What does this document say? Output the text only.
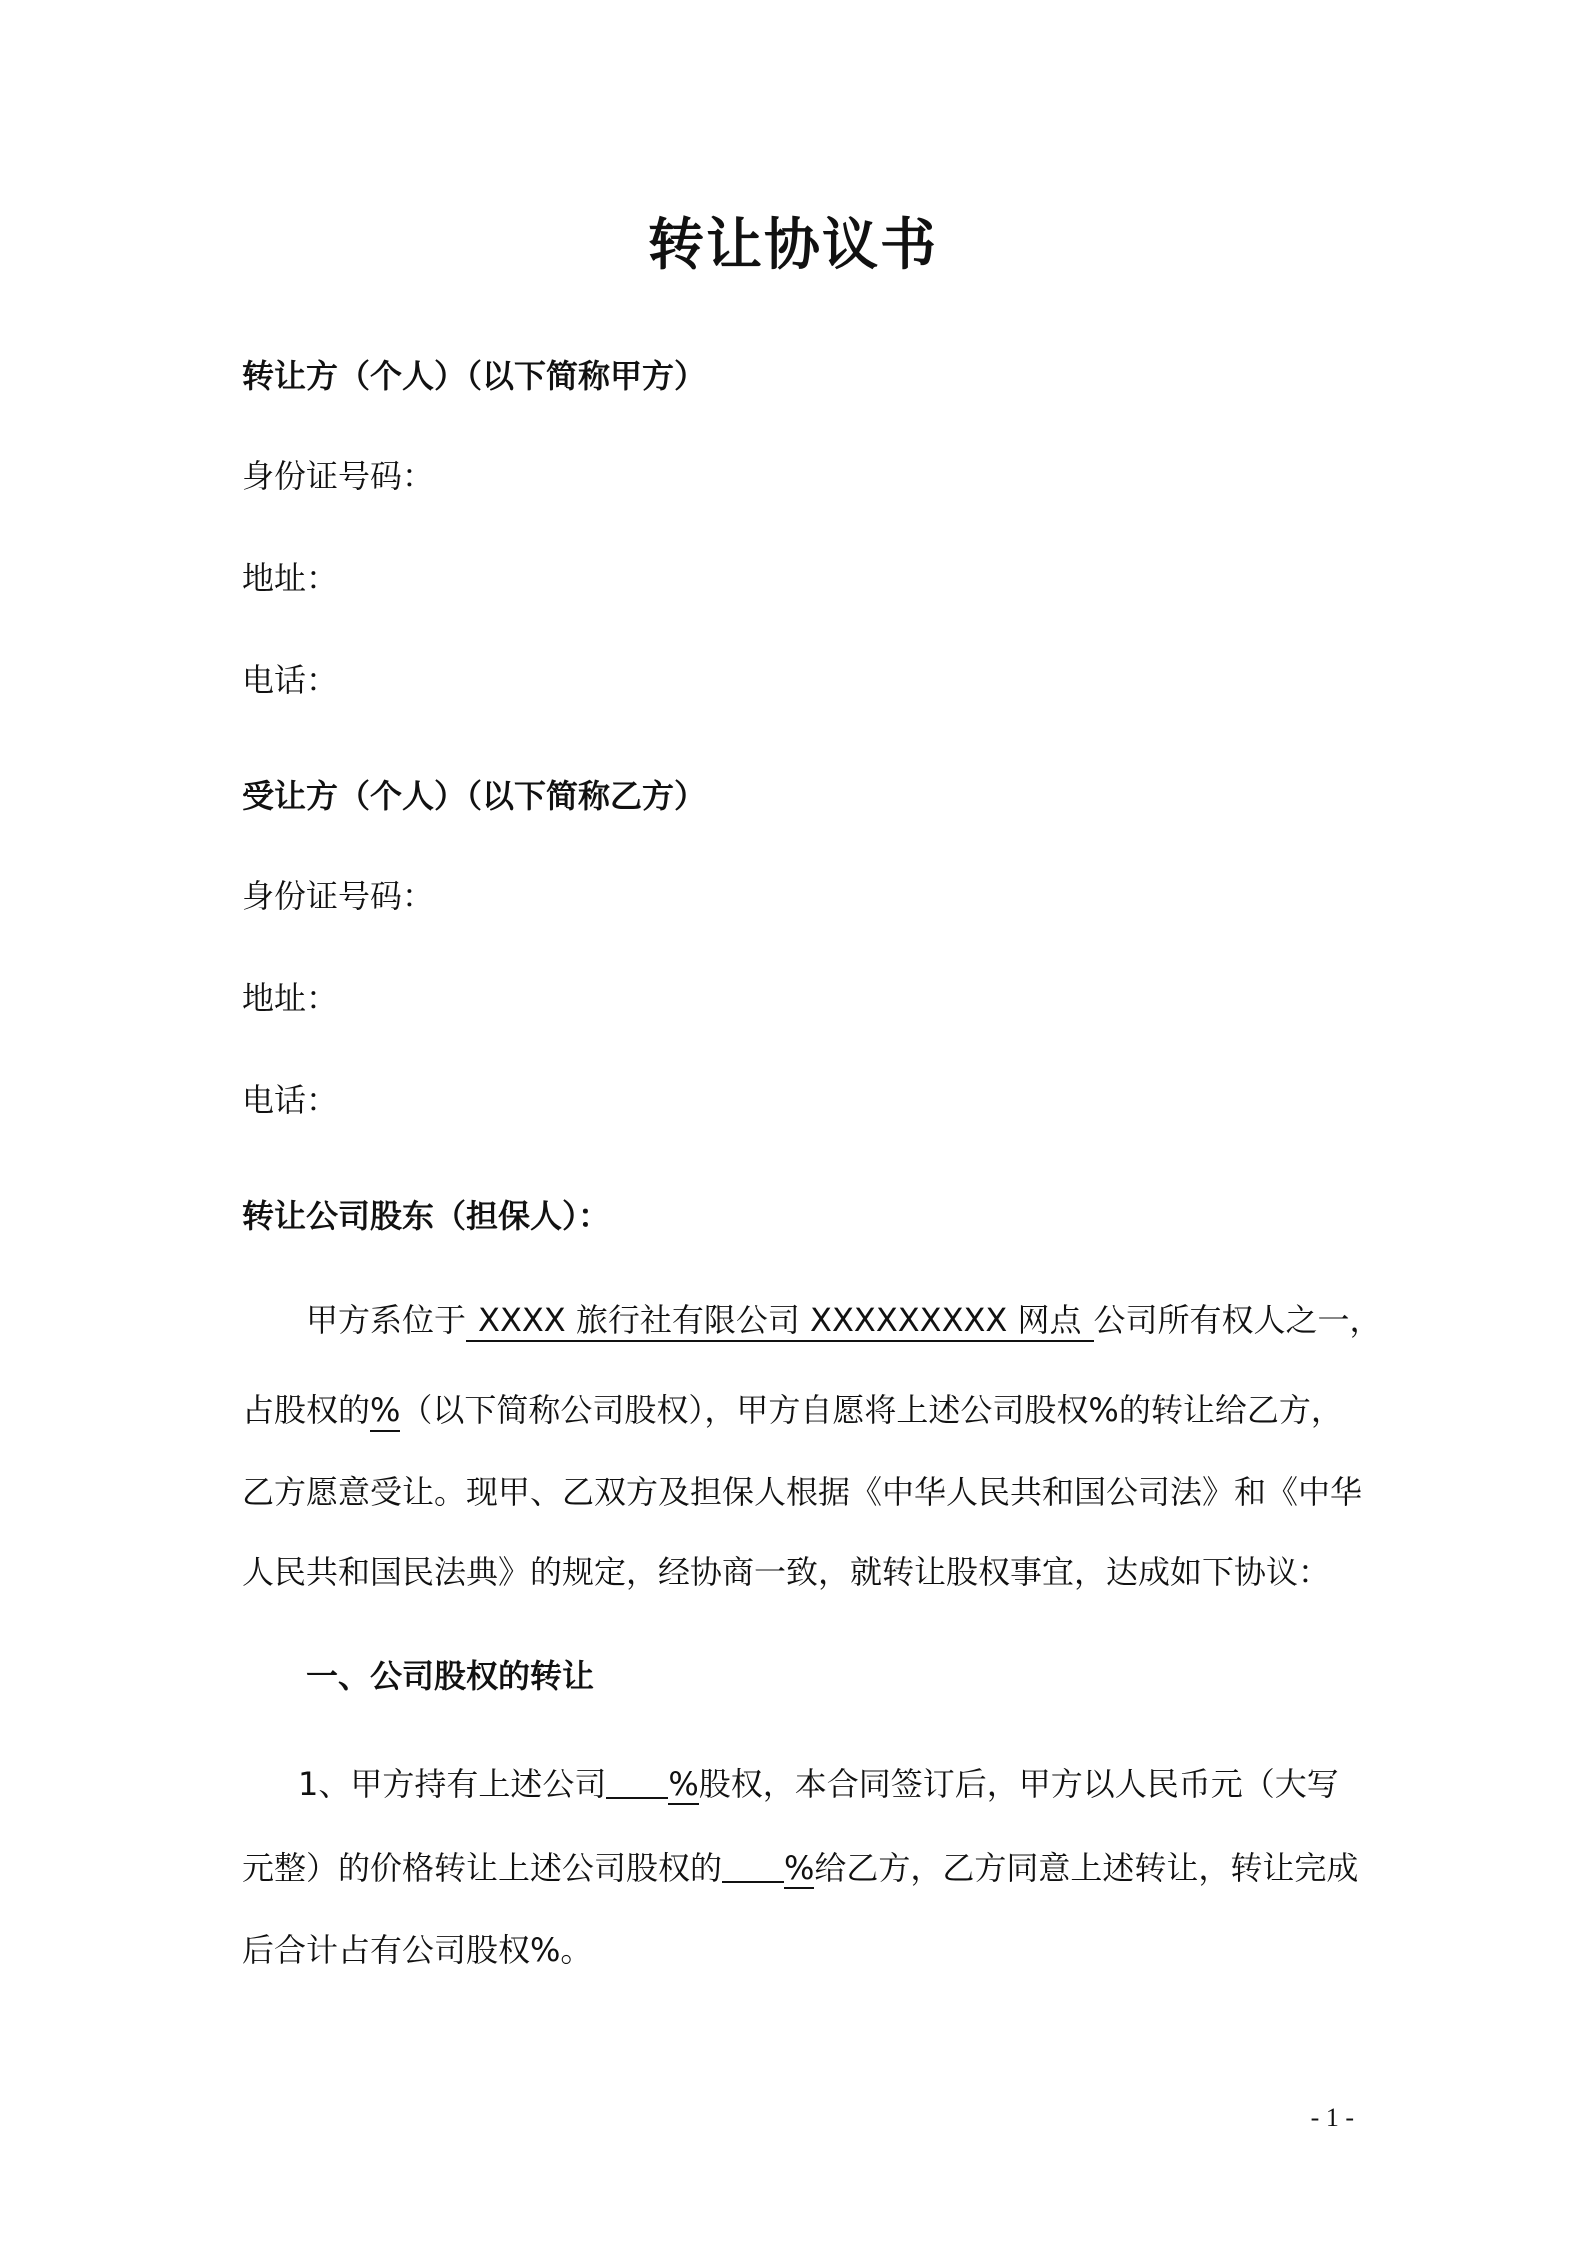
转让协议书
转让方（个人）（以下简称甲方）
身份证号码：
地址：
电话：
受让方（个人）（以下简称乙方）
身份证号码：
地址：
电话：
转让公司股东（担保人）：
甲方系位于 XXXX 旅行社有限公司 XXXXXXXXX 网点 公司所有权人之一，
占股权的%（以下简称公司股权），甲方自愿将上述公司股权%的转让给乙方，
乙方愿意受让。现甲、乙双方及担保人根据《中华人民共和国公司法》和《中华
人民共和国民法典》的规定，经协商一致，就转让股权事宜，达成如下协议：
一、公司股权的转让
1、甲方持有上述公司 %股权，本合同签订后，甲方以人民币元（大写
元整）的价格转让上述公司股权的 %给乙方，乙方同意上述转让，转让完成
后合计占有公司股权%。
- 1 -
